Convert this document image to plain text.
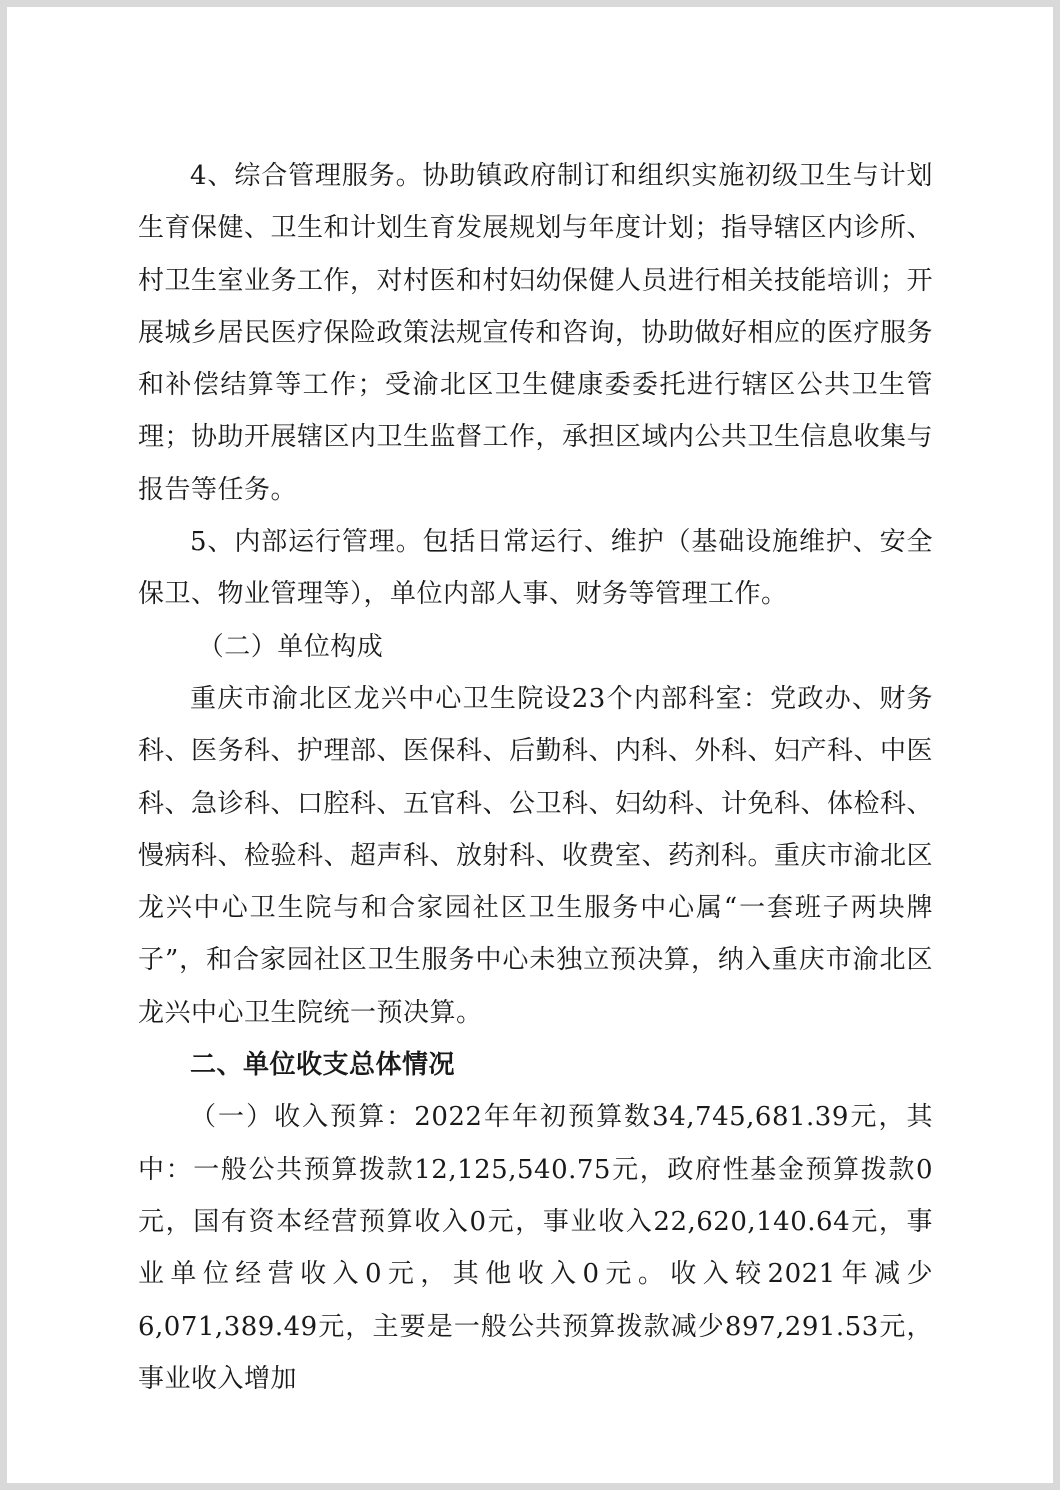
4、综合管理服务。协助镇政府制订和组织实施初级卫生与计划生育保健、卫生和计划生育发展规划与年度计划；指导辖区内诊所、村卫生室业务工作，对村医和村妇幼保健人员进行相关技能培训；开展城乡居民医疗保险政策法规宣传和咨询，协助做好相应的医疗服务和补偿结算等工作；受渝北区卫生健康委委托进行辖区公共卫生管理；协助开展辖区内卫生监督工作，承担区域内公共卫生信息收集与报告等任务。

5、内部运行管理。包括日常运行、维护（基础设施维护、安全保卫、物业管理等），单位内部人事、财务等管理工作。

（二）单位构成

重庆市渝北区龙兴中心卫生院设23个内部科室：党政办、财务科、医务科、护理部、医保科、后勤科、内科、外科、妇产科、中医科、急诊科、口腔科、五官科、公卫科、妇幼科、计免科、体检科、慢病科、检验科、超声科、放射科、收费室、药剂科。重庆市渝北区龙兴中心卫生院与和合家园社区卫生服务中心属“一套班子两块牌子”，和合家园社区卫生服务中心未独立预决算，纳入重庆市渝北区龙兴中心卫生院统一预决算。

二、单位收支总体情况

（一）收入预算：2022年年初预算数34,745,681.39元，其中：一般公共预算拨款12,125,540.75元，政府性基金预算拨款0元，国有资本经营预算收入0元，事业收入22,620,140.64元，事业单位经营收入0元，其他收入0元。收入较2021年减少6,071,389.49元，主要是一般公共预算拨款减少897,291.53元，事业收入增加
